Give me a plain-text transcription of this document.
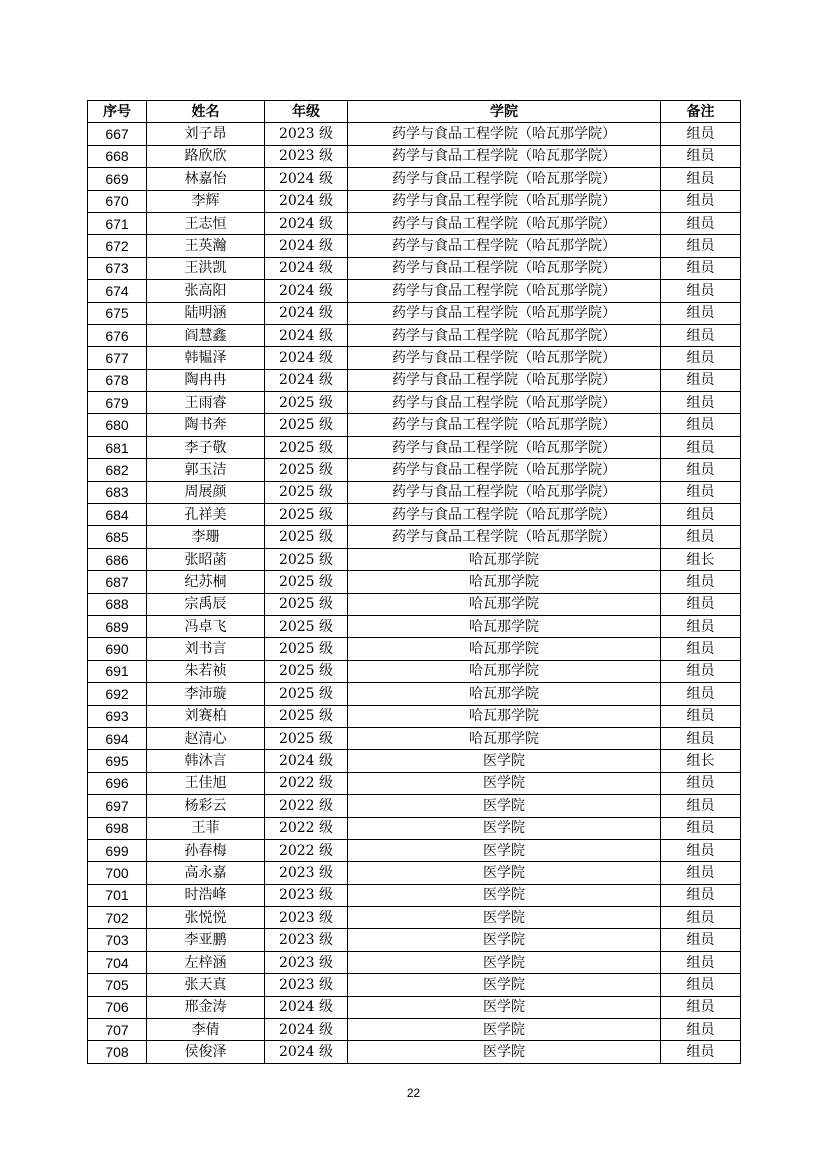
序号	姓名	年级	学院	备注
667	刘子昂	2023 级	药学与食品工程学院（哈瓦那学院）	组员
668	路欣欣	2023 级	药学与食品工程学院（哈瓦那学院）	组员
669	林嘉怡	2024 级	药学与食品工程学院（哈瓦那学院）	组员
670	李辉	2024 级	药学与食品工程学院（哈瓦那学院）	组员
671	王志恒	2024 级	药学与食品工程学院（哈瓦那学院）	组员
672	王英瀚	2024 级	药学与食品工程学院（哈瓦那学院）	组员
673	王洪凯	2024 级	药学与食品工程学院（哈瓦那学院）	组员
674	张高阳	2024 级	药学与食品工程学院（哈瓦那学院）	组员
675	陆明涵	2024 级	药学与食品工程学院（哈瓦那学院）	组员
676	阎慧鑫	2024 级	药学与食品工程学院（哈瓦那学院）	组员
677	韩韫泽	2024 级	药学与食品工程学院（哈瓦那学院）	组员
678	陶冉冉	2024 级	药学与食品工程学院（哈瓦那学院）	组员
679	王雨睿	2025 级	药学与食品工程学院（哈瓦那学院）	组员
680	陶书奔	2025 级	药学与食品工程学院（哈瓦那学院）	组员
681	李子敬	2025 级	药学与食品工程学院（哈瓦那学院）	组员
682	郭玉洁	2025 级	药学与食品工程学院（哈瓦那学院）	组员
683	周展颜	2025 级	药学与食品工程学院（哈瓦那学院）	组员
684	孔祥美	2025 级	药学与食品工程学院（哈瓦那学院）	组员
685	李珊	2025 级	药学与食品工程学院（哈瓦那学院）	组员
686	张昭菡	2025 级	哈瓦那学院	组长
687	纪苏桐	2025 级	哈瓦那学院	组员
688	宗禹辰	2025 级	哈瓦那学院	组员
689	冯卓飞	2025 级	哈瓦那学院	组员
690	刘书言	2025 级	哈瓦那学院	组员
691	朱若祯	2025 级	哈瓦那学院	组员
692	李沛璇	2025 级	哈瓦那学院	组员
693	刘赛柏	2025 级	哈瓦那学院	组员
694	赵清心	2025 级	哈瓦那学院	组员
695	韩沐言	2024 级	医学院	组长
696	王佳旭	2022 级	医学院	组员
697	杨彩云	2022 级	医学院	组员
698	王菲	2022 级	医学院	组员
699	孙春梅	2022 级	医学院	组员
700	高永嘉	2023 级	医学院	组员
701	时浩峰	2023 级	医学院	组员
702	张悦悦	2023 级	医学院	组员
703	李亚鹏	2023 级	医学院	组员
704	左梓涵	2023 级	医学院	组员
705	张天真	2023 级	医学院	组员
706	邢金涛	2024 级	医学院	组员
707	李倩	2024 级	医学院	组员
708	侯俊泽	2024 级	医学院	组员
22
